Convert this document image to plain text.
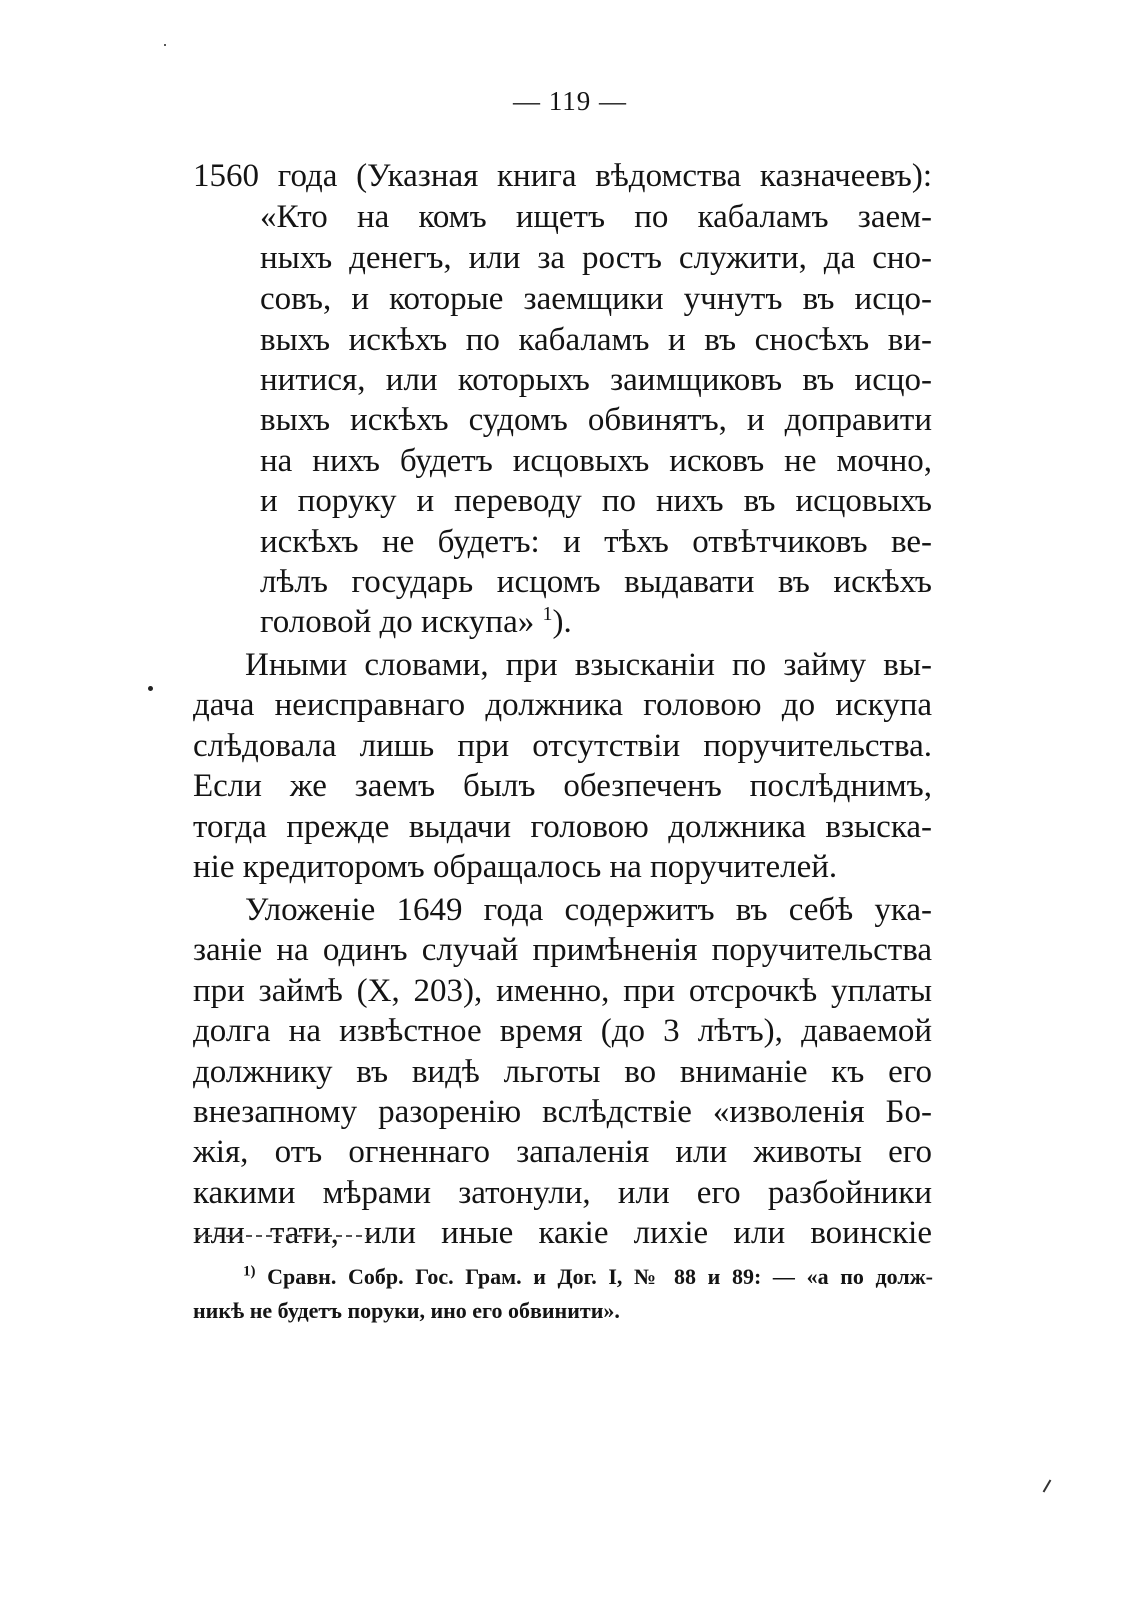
— 119 —
1560 года (Указная книга вѣдомства казначеевъ):
«Кто на комъ ищетъ по кабаламъ заем-
ныхъ денегъ, или за ростъ служити, да сно-
совъ, и которые заемщики учнутъ въ исцо-
выхъ искѣхъ по кабаламъ и въ сносѣхъ ви-
нитися, или которыхъ заимщиковъ въ исцо-
выхъ искѣхъ судомъ обвинятъ, и доправити
на нихъ будетъ исцовыхъ исковъ не мочно,
и поруку и переводу по нихъ въ исцовыхъ
искѣхъ не будетъ: и тѣхъ отвѣтчиковъ ве-
лѣлъ государь исцомъ выдавати въ искѣхъ
головой до искупа» $^1$).
Иными словами, при взысканіи по займу вы-
дача неисправнаго должника головою до искупа
слѣдовала лишь при отсутствіи поручительства.
Если же заемъ былъ обезпеченъ послѣднимъ,
тогда прежде выдачи головою должника взыска-
ніе кредиторомъ обращалось на поручителей.
Уложеніе 1649 года содержитъ въ себѣ ука-
заніе на одинъ случай примѣненія поручительства
при займѣ (X, 203), именно, при отсрочкѣ уплаты
долга на извѣстное время (до 3 лѣтъ), даваемой
должнику въ видѣ льготы во вниманіе къ его
внезапному разоренію вслѣдствіе «изволенія Бо-
жія, отъ огненнаго запаленія или животы его
какими мѣрами затонули, или его разбойники
или тати, или иные какіе лихіе или воинскіе
$^{1)}$ Сравн. Собр. Гос. Грам. и Дог. I, № 88 и 89: — «а по долж-
никѣ не будетъ поруки, ино его обвинити».
